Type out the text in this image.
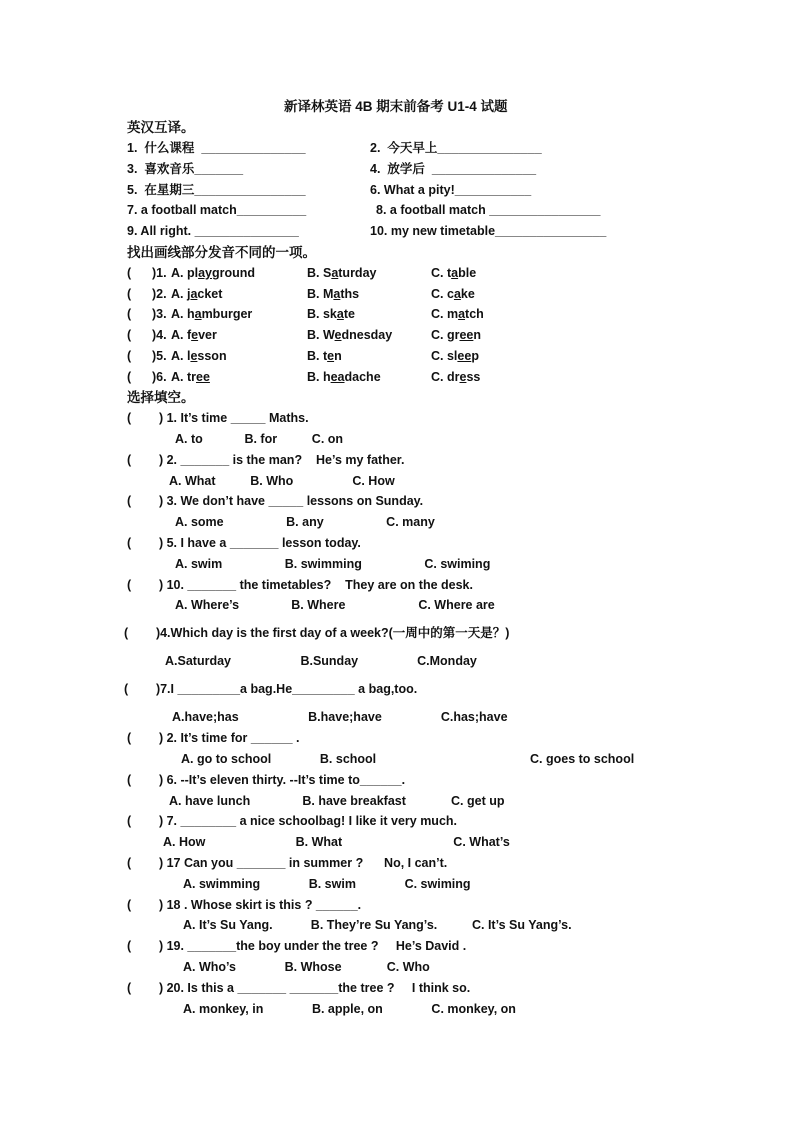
新译林英语 4B 期末前备考 U1-4 试题
英汉互译。
1.  什么课程  _______________	2.  今天早上_______________
3.  喜欢音乐_______	4.  放学后  _______________
5.  在星期三________________	6. What a pity!___________
7. a football match__________	8. a football match ________________
9. All right. _______________	10. my new timetable________________
找出画线部分发音不同的一项。
(      )1. A. playground	B. Saturday	C. table
(      )2. A. jacket	B. Maths	C. cake
(      )3. A. hamburger	B. skate	C. match
(      )4. A. fever	B. Wednesday	C. green
(      )5. A. lesson	B. ten	C. sleep
(      )6. A. tree	B. headache	C. dress
选择填空。
(        ) 1. It’s time _____ Maths.
A. to            B. for          C. on
(        ) 2. _______ is the man?    He’s my father.
A. What          B. Who                 C. How
(        ) 3. We don’t have _____ lessons on Sunday.
A. some                  B. any                  C. many
(        ) 5. I have a _______ lesson today.
A. swim                  B. swimming                  C. swiming
(        ) 10. _______ the timetables?    They are on the desk.
A. Where’s               B. Where                     C. Where are
(        )4.Which day is the first day of a week?(一周中的第一天是？)
A.Saturday                    B.Sunday                 C.Monday
(        )7.I _________a bag.He_________ a bag,too.
A.have;has                    B.have;have                 C.has;have
(        ) 2. It’s time for ______ .
A. go to school              B. school	C. goes to school
(        ) 6. --It’s eleven thirty. --It’s time to______.
A. have lunch               B. have breakfast             C. get up
(        ) 7. ________ a nice schoolbag! I like it very much.
A. How                          B. What                                C. What’s
(        ) 17 Can you _______ in summer ?      No, I can’t.
A. swimming              B. swim              C. swiming
(        ) 18 . Whose skirt is this ? ______.
A. It’s Su Yang.           B. They’re Su Yang’s.          C. It’s Su Yang’s.
(        ) 19. _______the boy under the tree ?     He’s David .
A. Who’s              B. Whose             C. Who
(        ) 20. Is this a _______ _______the tree ?     I think so.
A. monkey, in              B. apple, on              C. monkey, on
